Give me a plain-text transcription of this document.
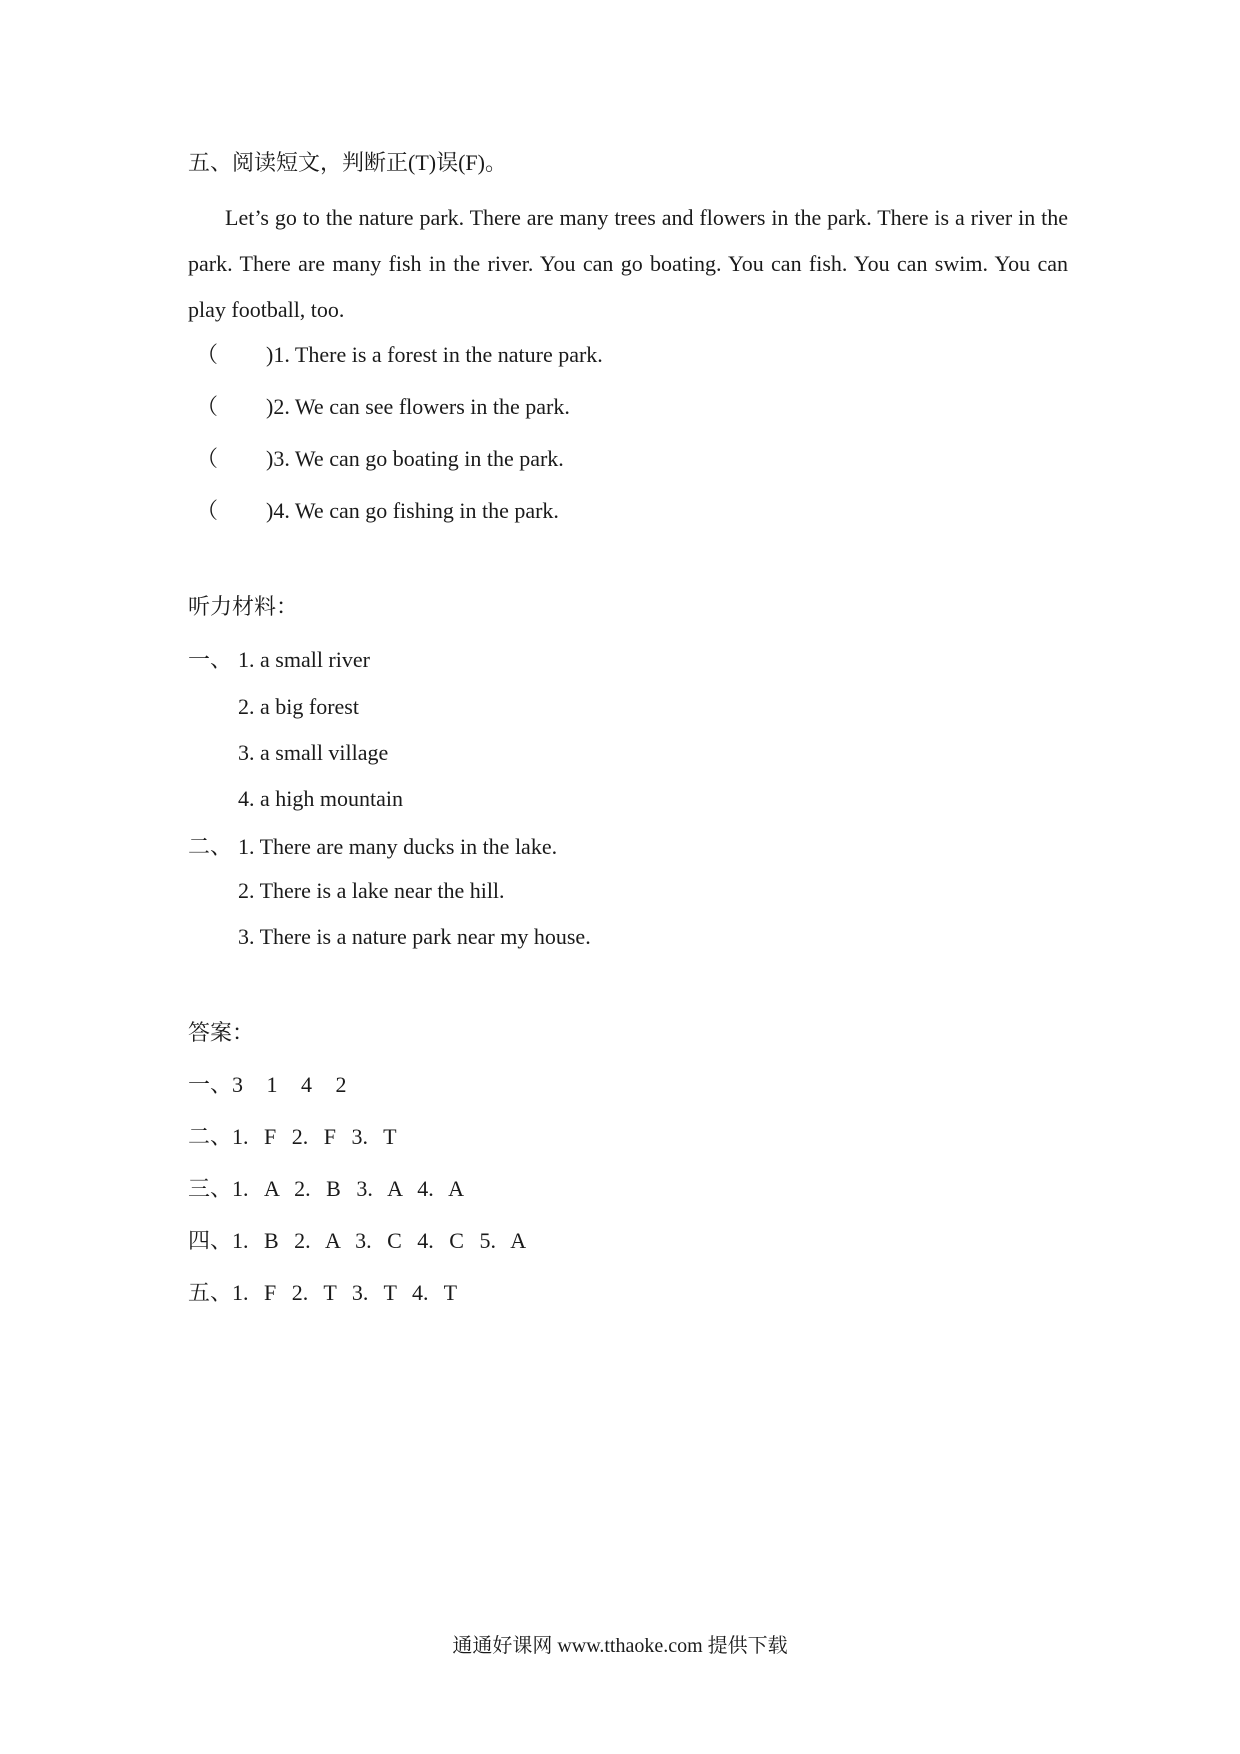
五、阅读短文，判断正(T)误(F)。
Let’s go to the nature park. There are many trees and flowers in the park. There is a river in the park. There are many fish in the river. You can go boating. You can fish. You can swim. You can play football, too.
（ )1. There is a forest in the nature park.
（ )2. We can see flowers in the park.
（ )3. We can go boating in the park.
（ )4. We can go fishing in the park.
听力材料：
一、 1. a small river
2. a big forest
3. a small village
4. a high mountain
二、 1. There are many ducks in the lake.
2. There is a lake near the hill.
3. There is a nature park near my house.
答案：
一、3 1 4 2
二、1. F 2. F 3. T
三、1. A 2. B 3. A 4. A
四、1. B 2. A 3. C 4. C 5. A
五、1. F 2. T 3. T 4. T
通通好课网 www.tthaoke.com 提供下载
